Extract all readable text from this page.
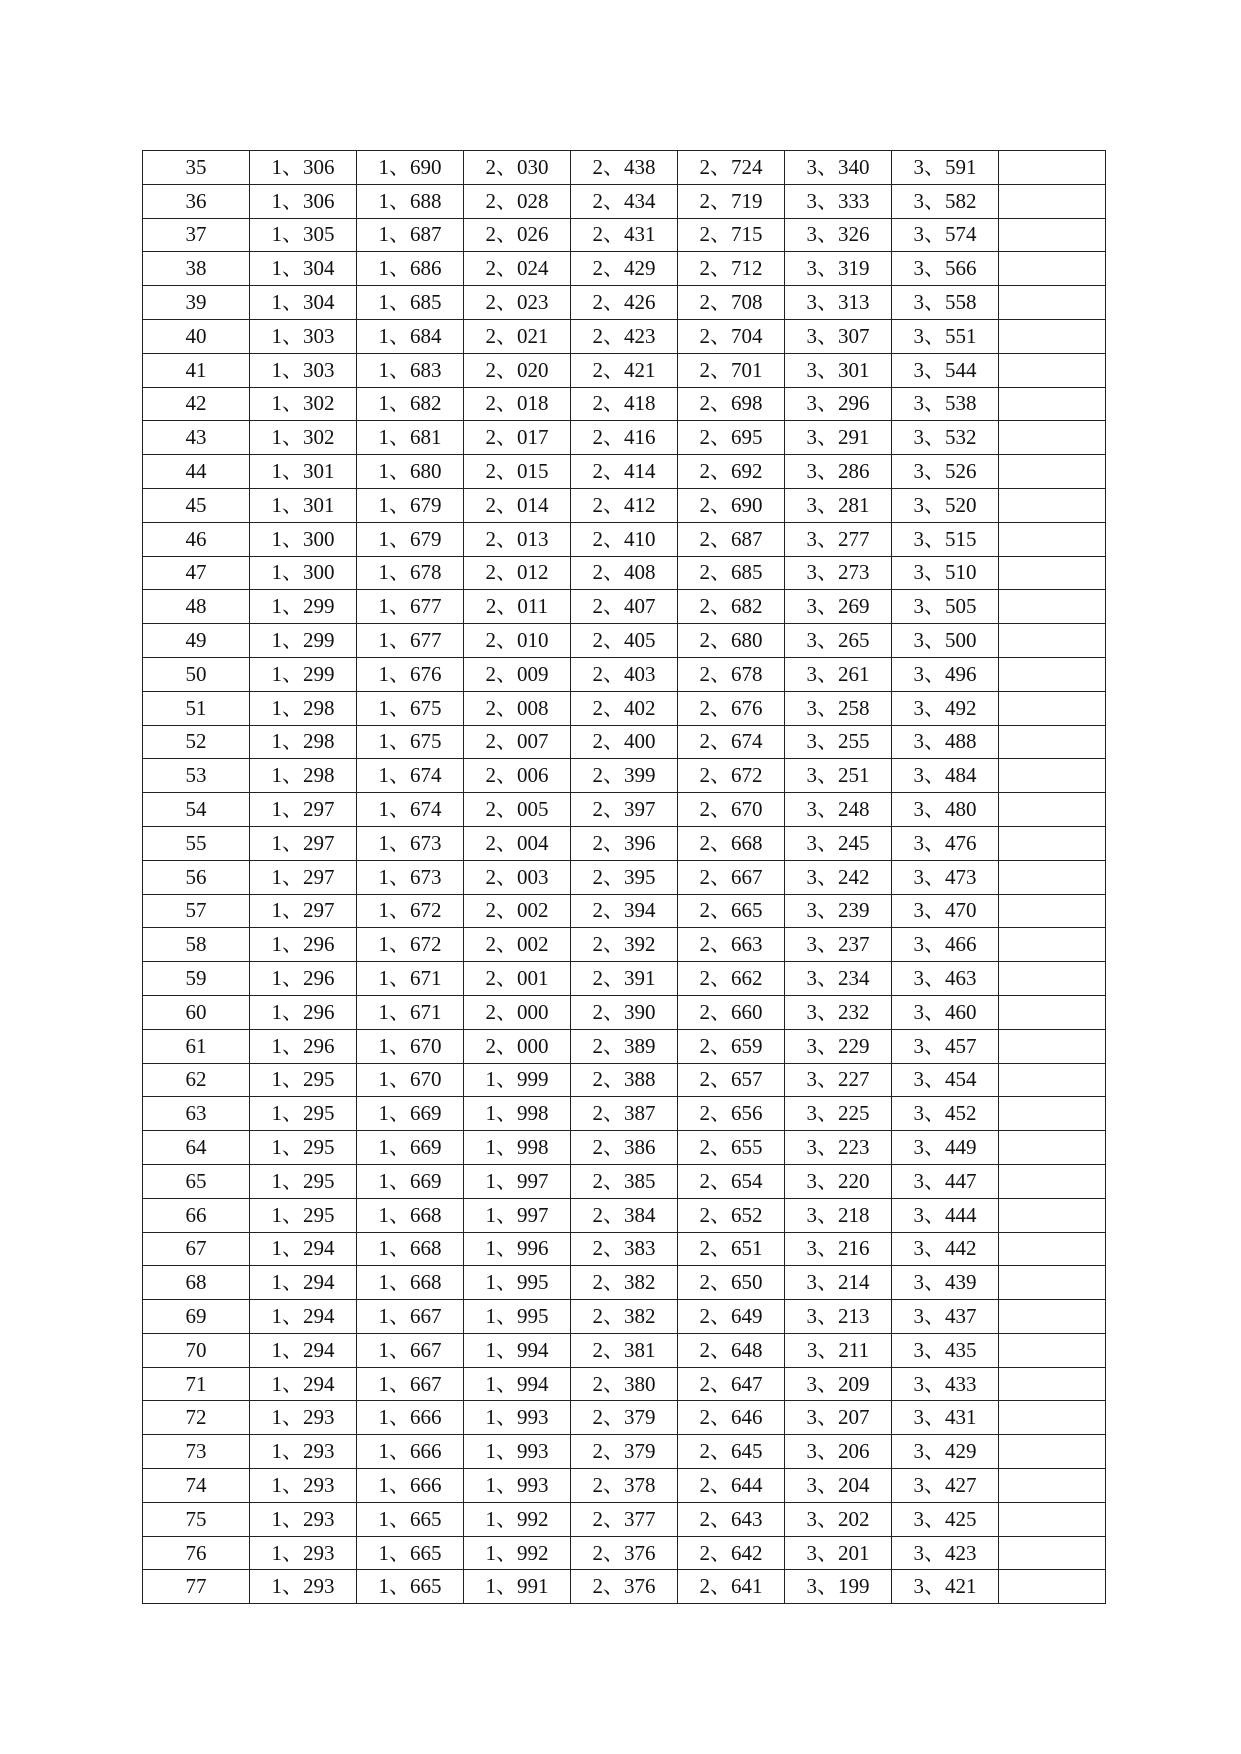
35	1、306	1、690	2、030	2、438	2、724	3、340	3、591	
36	1、306	1、688	2、028	2、434	2、719	3、333	3、582	
37	1、305	1、687	2、026	2、431	2、715	3、326	3、574	
38	1、304	1、686	2、024	2、429	2、712	3、319	3、566	
39	1、304	1、685	2、023	2、426	2、708	3、313	3、558	
40	1、303	1、684	2、021	2、423	2、704	3、307	3、551	
41	1、303	1、683	2、020	2、421	2、701	3、301	3、544	
42	1、302	1、682	2、018	2、418	2、698	3、296	3、538	
43	1、302	1、681	2、017	2、416	2、695	3、291	3、532	
44	1、301	1、680	2、015	2、414	2、692	3、286	3、526	
45	1、301	1、679	2、014	2、412	2、690	3、281	3、520	
46	1、300	1、679	2、013	2、410	2、687	3、277	3、515	
47	1、300	1、678	2、012	2、408	2、685	3、273	3、510	
48	1、299	1、677	2、011	2、407	2、682	3、269	3、505	
49	1、299	1、677	2、010	2、405	2、680	3、265	3、500	
50	1、299	1、676	2、009	2、403	2、678	3、261	3、496	
51	1、298	1、675	2、008	2、402	2、676	3、258	3、492	
52	1、298	1、675	2、007	2、400	2、674	3、255	3、488	
53	1、298	1、674	2、006	2、399	2、672	3、251	3、484	
54	1、297	1、674	2、005	2、397	2、670	3、248	3、480	
55	1、297	1、673	2、004	2、396	2、668	3、245	3、476	
56	1、297	1、673	2、003	2、395	2、667	3、242	3、473	
57	1、297	1、672	2、002	2、394	2、665	3、239	3、470	
58	1、296	1、672	2、002	2、392	2、663	3、237	3、466	
59	1、296	1、671	2、001	2、391	2、662	3、234	3、463	
60	1、296	1、671	2、000	2、390	2、660	3、232	3、460	
61	1、296	1、670	2、000	2、389	2、659	3、229	3、457	
62	1、295	1、670	1、999	2、388	2、657	3、227	3、454	
63	1、295	1、669	1、998	2、387	2、656	3、225	3、452	
64	1、295	1、669	1、998	2、386	2、655	3、223	3、449	
65	1、295	1、669	1、997	2、385	2、654	3、220	3、447	
66	1、295	1、668	1、997	2、384	2、652	3、218	3、444	
67	1、294	1、668	1、996	2、383	2、651	3、216	3、442	
68	1、294	1、668	1、995	2、382	2、650	3、214	3、439	
69	1、294	1、667	1、995	2、382	2、649	3、213	3、437	
70	1、294	1、667	1、994	2、381	2、648	3、211	3、435	
71	1、294	1、667	1、994	2、380	2、647	3、209	3、433	
72	1、293	1、666	1、993	2、379	2、646	3、207	3、431	
73	1、293	1、666	1、993	2、379	2、645	3、206	3、429	
74	1、293	1、666	1、993	2、378	2、644	3、204	3、427	
75	1、293	1、665	1、992	2、377	2、643	3、202	3、425	
76	1、293	1、665	1、992	2、376	2、642	3、201	3、423	
77	1、293	1、665	1、991	2、376	2、641	3、199	3、421	
